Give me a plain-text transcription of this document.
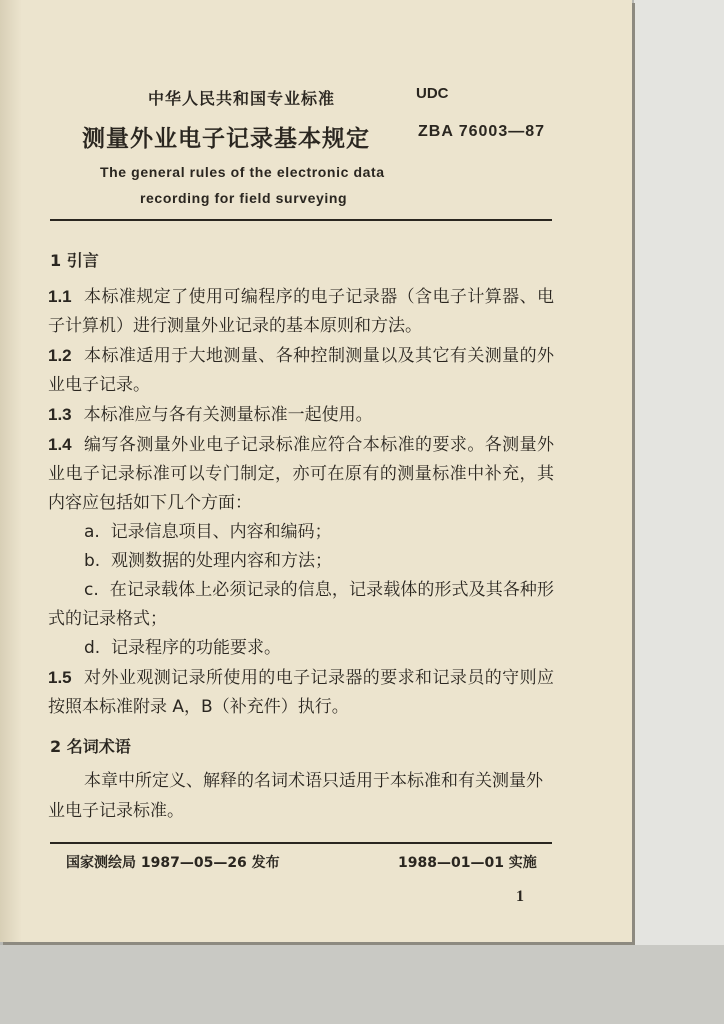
中华人民共和国专业标准	UDC
测量外业电子记录基本规定	ZBA 76003—87
The general rules of the electronic data
recording for field surveying
1 引言

1.1 本标准规定了使用可编程序的电子记录器（含电子计算器、电子计算机）进行测量外业记录的基本原则和方法。

1.2 本标准适用于大地测量、各种控制测量以及其它有关测量的外业电子记录。

1.3 本标准应与各有关测量标准一起使用。

1.4 编写各测量外业电子记录标准应符合本标准的要求。各测量外业电子记录标准可以专门制定，亦可在原有的测量标准中补充，其内容应包括如下几个方面：

a. 记录信息项目、内容和编码；

b. 观测数据的处理内容和方法；

c. 在记录载体上必须记录的信息，记录载体的形式及其各种形式的记录格式；

d. 记录程序的功能要求。

1.5 对外业观测记录所使用的电子记录器的要求和记录员的守则应按照本标准附录 A，B（补充件）执行。

2 名词术语

本章中所定义、解释的名词术语只适用于本标准和有关测量外业电子记录标准。

国家测绘局 1987—05—26 发布	1988—01—01 实施
1
